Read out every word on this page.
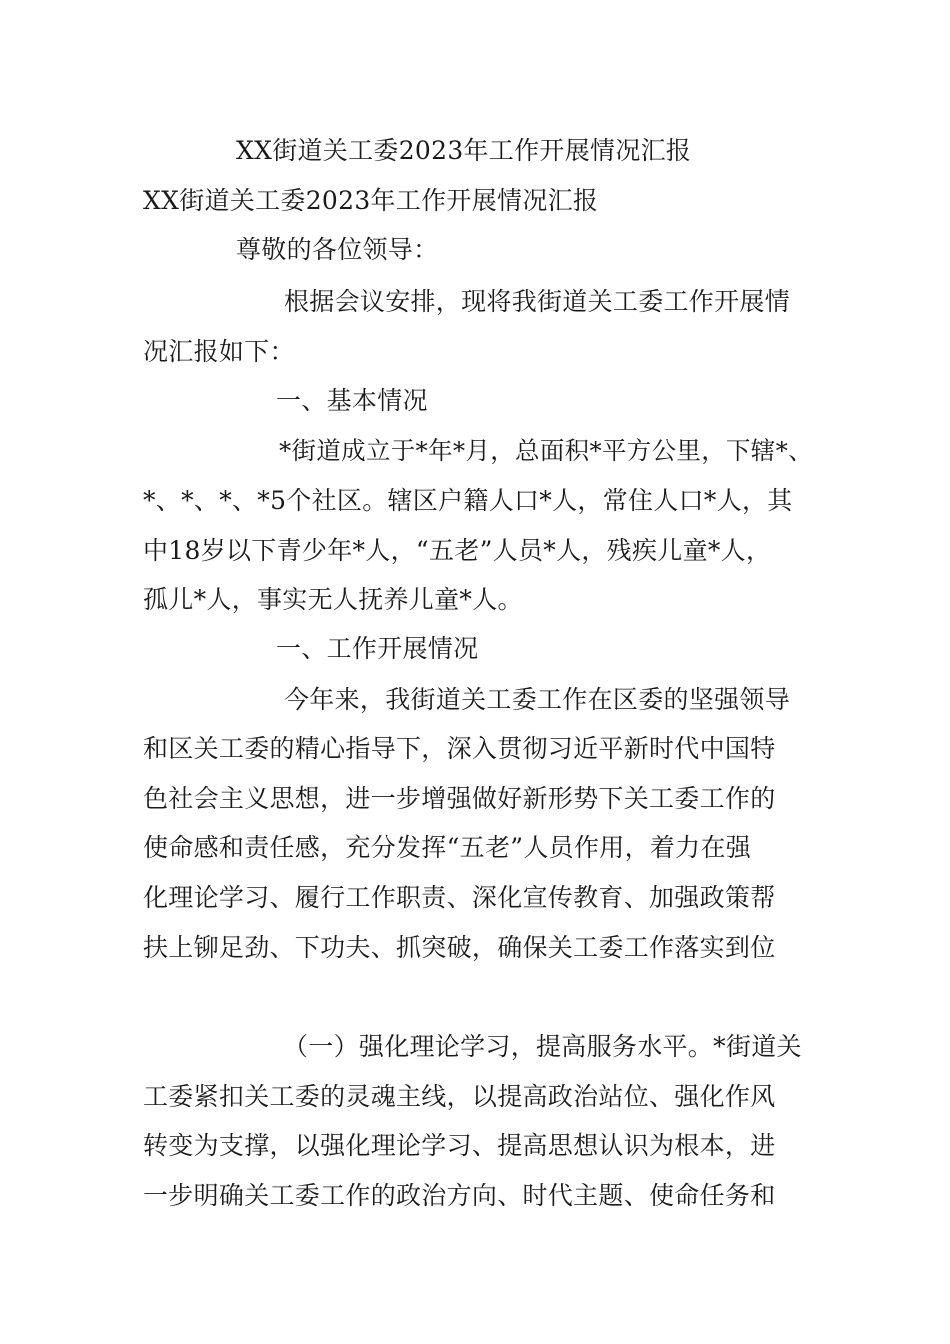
XX街道关工委2023年工作开展情况汇报
XX街道关工委2023年工作开展情况汇报
尊敬的各位领导：
根据会议安排，现将我街道关工委工作开展情
况汇报如下：
一、基本情况
*街道成立于*年*月，总面积*平方公里，下辖*、
*、*、*、*5个社区。辖区户籍人口*人，常住人口*人，其
中18岁以下青少年*人，“五老”人员*人，残疾儿童*人，
孤儿*人，事实无人抚养儿童*人。
一、工作开展情况
今年来，我街道关工委工作在区委的坚强领导
和区关工委的精心指导下，深入贯彻习近平新时代中国特
色社会主义思想，进一步增强做好新形势下关工委工作的
使命感和责任感，充分发挥“五老”人员作用，着力在强
化理论学习、履行工作职责、深化宣传教育、加强政策帮
扶上铆足劲、下功夫、抓突破，确保关工委工作落实到位
（一）强化理论学习，提高服务水平。*街道关
工委紧扣关工委的灵魂主线，以提高政治站位、强化作风
转变为支撑，以强化理论学习、提高思想认识为根本，进
一步明确关工委工作的政治方向、时代主题、使命任务和
